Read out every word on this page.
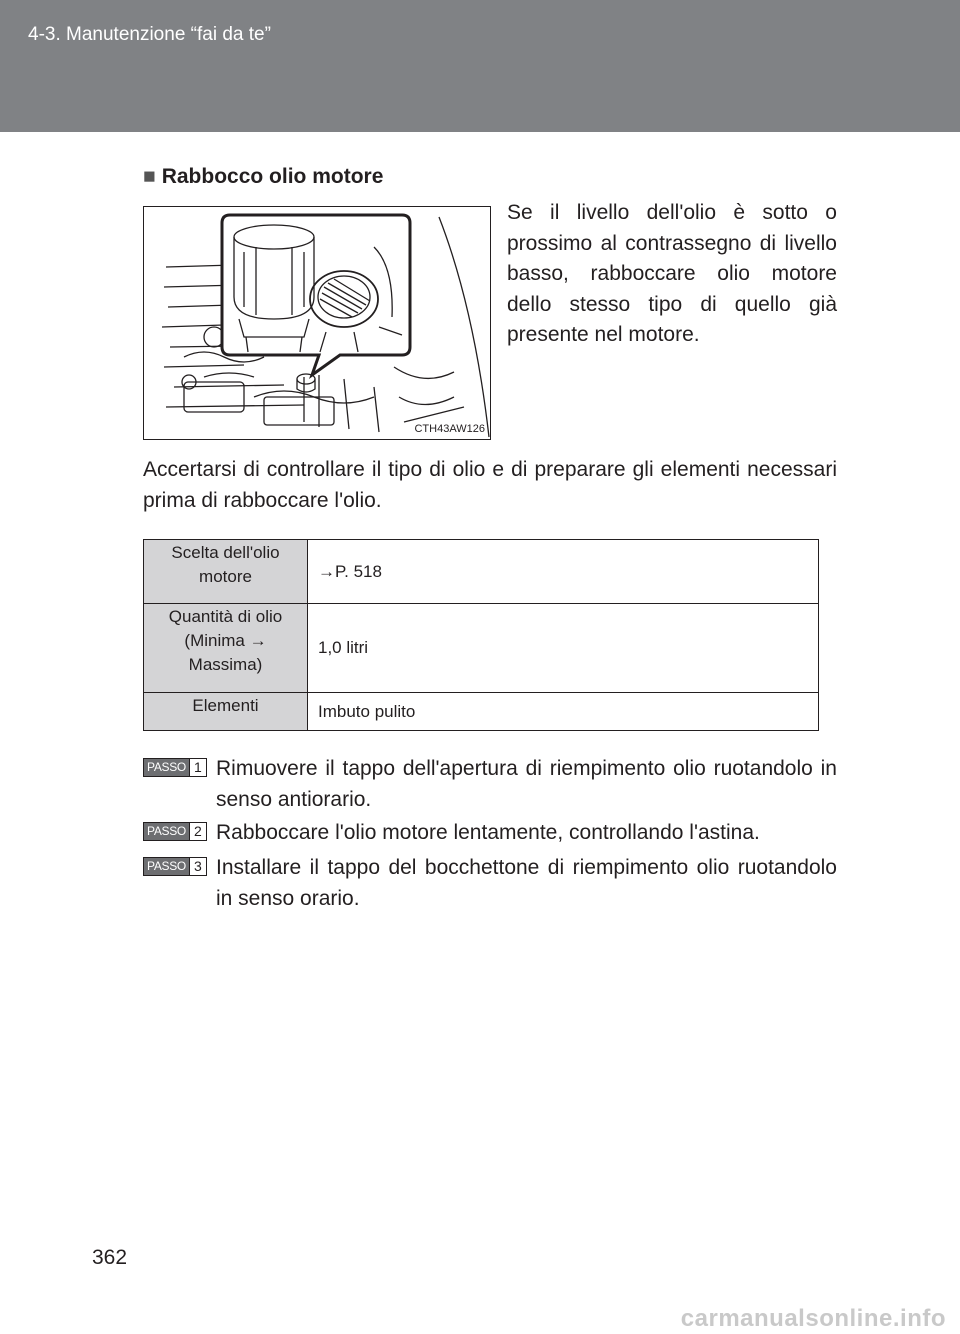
4-3. Manutenzione “fai da te”
■ Rabbocco olio motore
CTH43AW126
Se il livello dell'olio è sotto o prossimo al contrassegno di livello basso, rabboccare olio motore dello stesso tipo di quello già presente nel motore.
Accertarsi di controllare il tipo di olio e di preparare gli elementi necessari prima di rabboccare l'olio.
Scelta dell'olio motore	→P. 518
Quantità di olio (Minima → Massima)	1,0 litri
Elementi	Imbuto pulito
PASSO 1 Rimuovere il tappo dell'apertura di riempimento olio ruotandolo in senso antiorario.
PASSO 2 Rabboccare l'olio motore lentamente, controllando l'astina.
PASSO 3 Installare il tappo del bocchettone di riempimento olio ruotandolo in senso orario.
362
carmanualsonline.info
